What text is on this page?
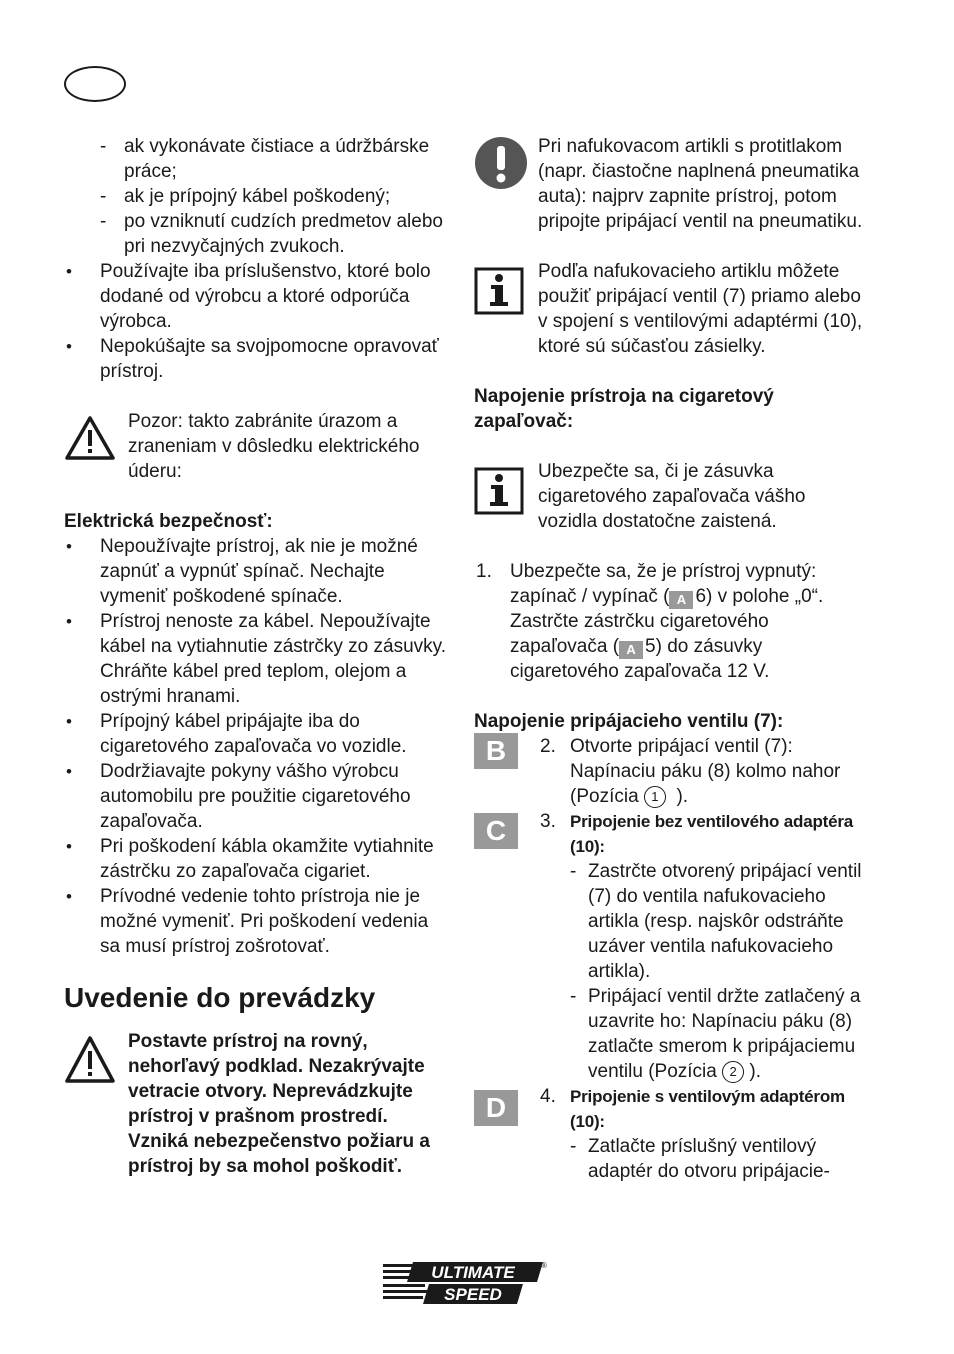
- ak vykonávate čistiace a údržbárske práce;
- ak je prípojný kábel poškodený;
- po vzniknutí cudzích predmetov alebo pri nezvyčajných zvukoch.
• Používajte iba príslušenstvo, ktoré bolo dodané od výrobcu a ktoré odporúča výrobca.
• Nepokúšajte sa svojpomocne opravovať prístroj.
Pozor: takto zabránite úrazom a zraneniam v dôsledku elektrického úderu:
Elektrická bezpečnosť:
• Nepoužívajte prístroj, ak nie je možné zapnúť a vypnúť spínač. Nechajte vymeniť poškodené spínače.
• Prístroj nenoste za kábel. Nepoužívajte kábel na vytiahnutie zástrčky zo zásuvky. Chráňte kábel pred teplom, olejom a ostrými hranami.
• Prípojný kábel pripájajte iba do cigaretového zapaľovača vo vozidle.
• Dodržiavajte pokyny vášho výrobcu automobilu pre použitie cigaretového zapaľovača.
• Pri poškodení kábla okamžite vytiahnite zástrčku zo zapaľovača cigariet.
• Prívodné vedenie tohto prístroja nie je možné vymeniť. Pri poškodení vedenia sa musí prístroj zošrotovať.
Uvedenie do prevádzky
Postavte prístroj na rovný, nehorľavý podklad. Nezakrývajte vetracie otvory. Neprevádzkujte prístroj v prašnom prostredí. Vzniká nebezpečenstvo požiaru a prístroj by sa mohol poškodiť.
Pri nafukovacom artikli s protitlakom (napr. čiastočne naplnená pneumatika auta): najprv zapnite prístroj, potom pripojte pripájací ventil na pneumatiku.
Podľa nafukovacieho artiklu môžete použiť pripájací ventil (7) priamo alebo v spojení s ventilovými adaptérmi (10), ktoré sú súčasťou zásielky.
Napojenie prístroja na cigaretový zapaľovač:
Ubezpečte sa, či je zásuvka cigaretového zapaľovača vášho vozidla dostatočne zaistená.
1. Ubezpečte sa, že je prístroj vypnutý: zapínač / vypínač ( A 6) v polohe „0“. Zastrčte zástrčku cigaretového zapaľovača ( A 5) do zásuvky cigaretového zapaľovača 12 V.
Napojenie pripájacieho ventilu (7):
B	2. Otvorte pripájací ventil (7): Napínaciu páku (8) kolmo nahor (Pozícia 1 ).
C	3. Pripojenie bez ventilového adaptéra (10):
- Zastrčte otvorený pripájací ventil (7) do ventila nafukovacieho artikla (resp. najskôr odstráňte uzáver ventila nafukovacieho artikla).
- Pripájací ventil držte zatlačený a uzavrite ho: Napínaciu páku (8) zatlačte smerom k pripájaciemu ventilu (Pozícia 2 ).
D	4. Pripojenie s ventilovým adaptérom (10):
- Zatlačte príslušný ventilový adaptér do otvoru pripájacie-
ULTIMATE
SPEED
®
